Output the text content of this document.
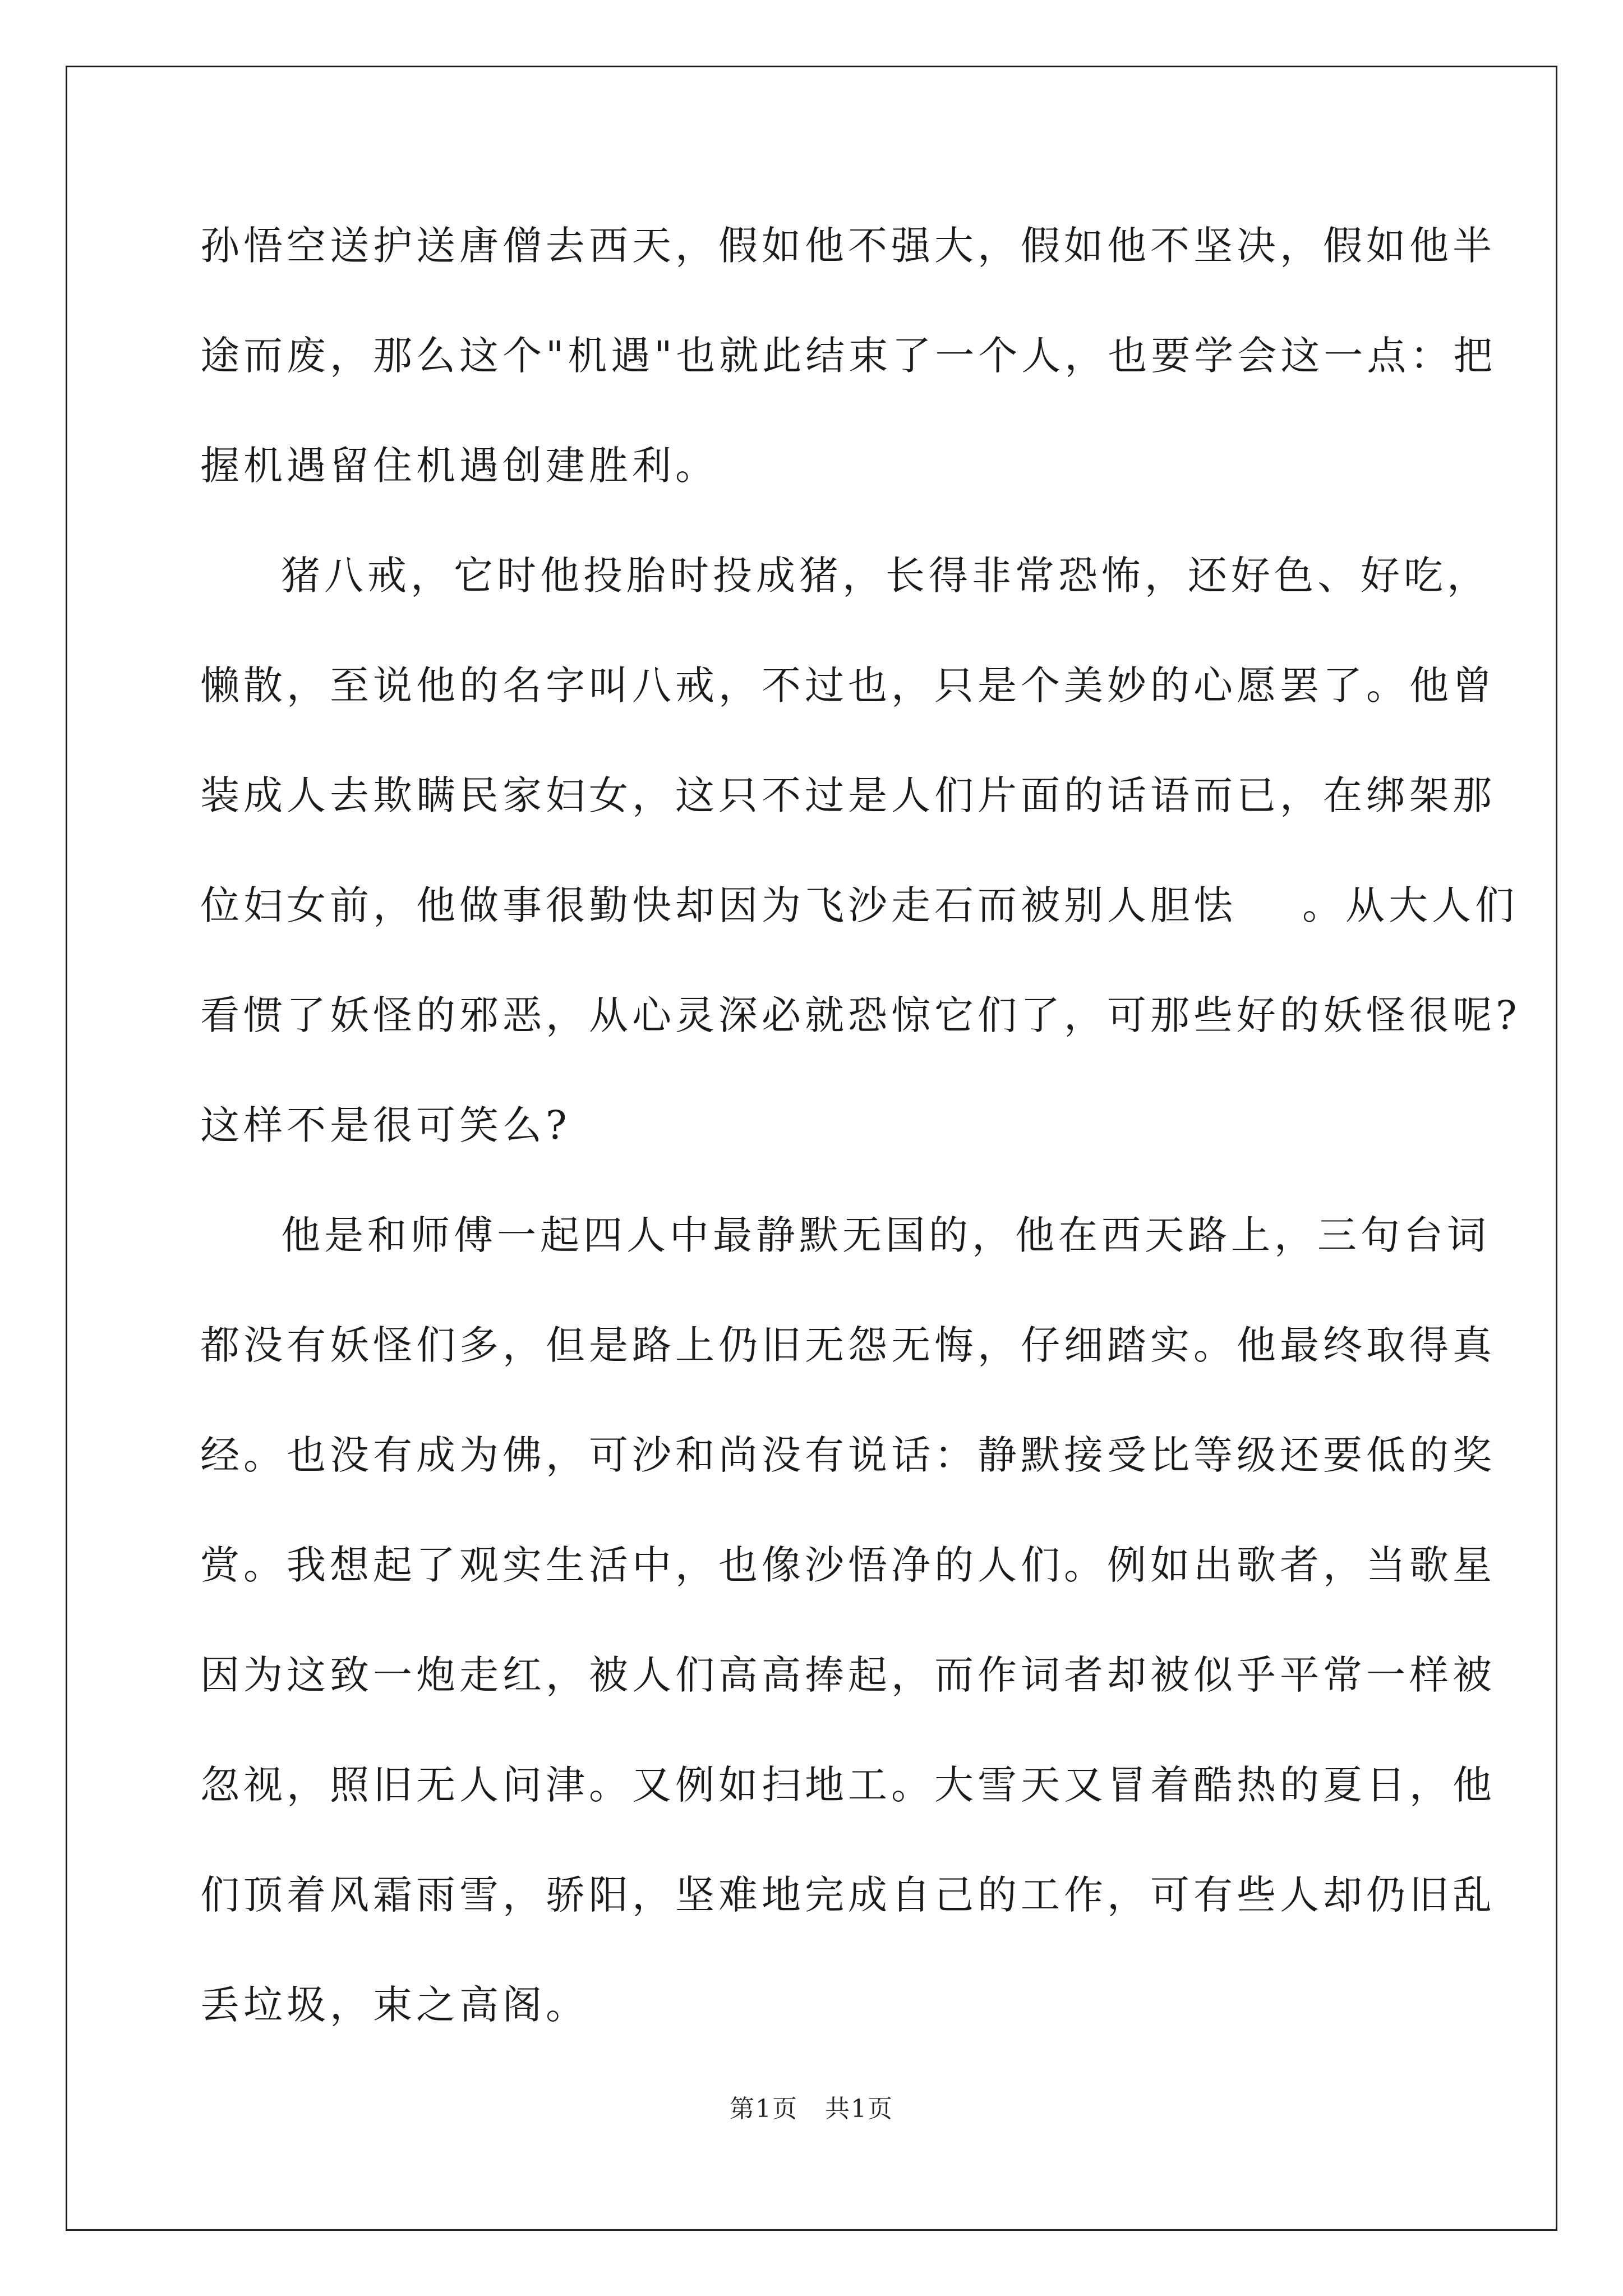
孙悟空送护送唐僧去西天，假如他不强大，假如他不坚决，假如他半
途而废，那么这个"机遇"也就此结束了一个人，也要学会这一点：把
握机遇留住机遇创建胜利。
猪八戒，它时他投胎时投成猪，长得非常恐怖，还好色、好吃，
懒散，至说他的名字叫八戒，不过也，只是个美妙的心愿罢了。他曾
装成人去欺瞒民家妇女，这只不过是人们片面的话语而已，在绑架那
位妇女前，他做事很勤快却因为飞沙走石而被别人胆怯    。从大人们
看惯了妖怪的邪恶，从心灵深必就恐惊它们了，可那些好的妖怪很呢?
这样不是很可笑么?
他是和师傅一起四人中最静默无国的，他在西天路上，三句台词
都没有妖怪们多，但是路上仍旧无怨无悔，仔细踏实。他最终取得真
经。也没有成为佛，可沙和尚没有说话：静默接受比等级还要低的奖
赏。我想起了观实生活中，也像沙悟净的人们。例如出歌者，当歌星
因为这致一炮走红，被人们高高捧起，而作词者却被似乎平常一样被
忽视，照旧无人问津。又例如扫地工。大雪天又冒着酷热的夏日，他
们顶着风霜雨雪，骄阳，坚难地完成自己的工作，可有些人却仍旧乱
丢垃圾，束之高阁。
第1页 共1页
